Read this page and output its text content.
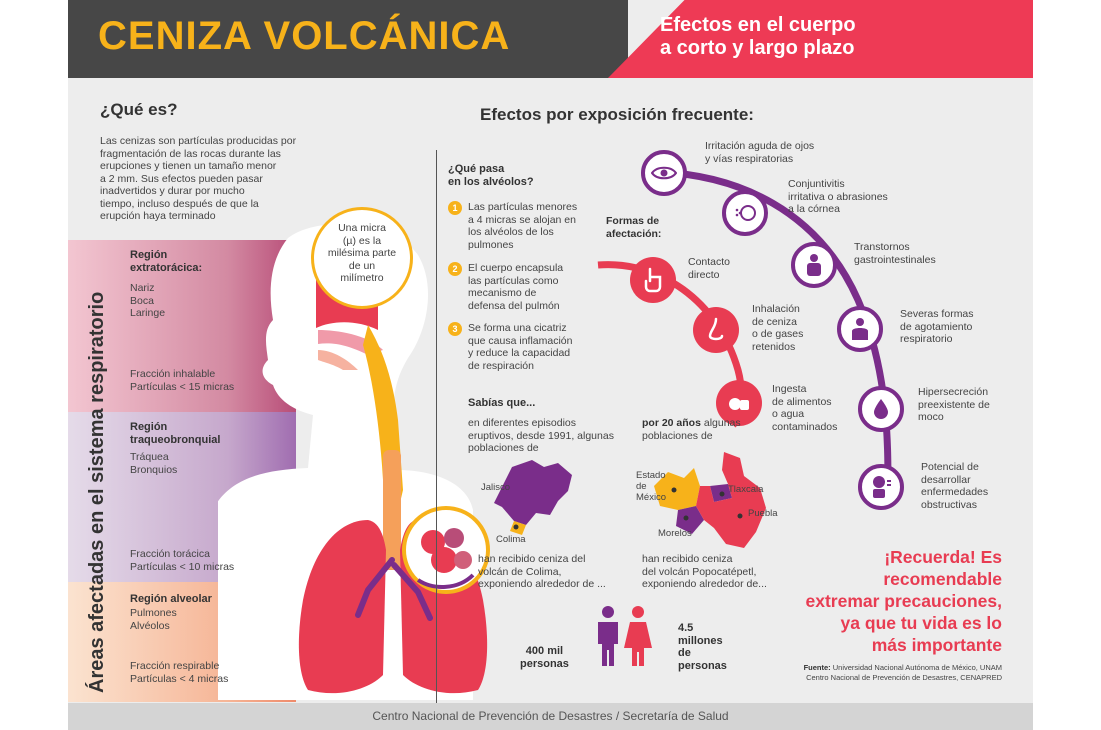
CENIZA VOLCÁNICA	Efectos en el cuerpo
a corto y largo plazo
¿Qué es?
Las cenizas son partículas producidas por
fragmentación de las rocas durante las
erupciones y tienen un tamaño menor
a 2 mm. Sus efectos pueden pasar
inadvertidos y durar por mucho
tiempo, incluso después de que la
erupción haya terminado
Región
extratorácica:
Nariz
Boca
Laringe
Fracción inhalable
Partículas < 15 micras
Región
traqueobronquial
Tráquea
Bronquios
Fracción torácica
Partículas < 10 micras
Región alveolar
Pulmones
Alvéolos
Fracción respirable
Partículas < 4 micras
Áreas afectadas en el sistema respiratorio
Una micra
(µ) es la
milésima parte
de un
milímetro
Efectos por exposición frecuente:
¿Qué pasa
en los alvéolos?
1	Las partículas menores
a 4 micras se alojan en
los alvéolos de los
pulmones
2	El cuerpo encapsula
las partículas como
mecanismo de
defensa del pulmón
3	Se forma una cicatriz
que causa inflamación
y reduce la capacidad
de respiración
Formas de
afectación:
Contacto
directo
Inhalación
de ceniza
o de gases
retenidos
Ingesta
de alimentos
o agua
contaminados
Irritación aguda de ojos
y vías respiratorias
Conjuntivitis
irritativa o abrasiones
a la córnea
Transtornos
gastrointestinales
Severas formas
de agotamiento
respiratorio
Hipersecreción
preexistente de
moco
Potencial de
desarrollar
enfermedades
obstructivas
Sabías que...
en diferentes episodios
eruptivos, desde 1991, algunas
poblaciones de
por 20 años algunas
poblaciones de
Jalisco
Colima
Estado
de
México
Tlaxcala
Puebla
Morelos
han recibido ceniza del
volcán de Colima,
exponiendo alrededor de ...
han recibido ceniza
del volcán Popocatépetl,
exponiendo alrededor de...
400 mil
personas
4.5
millones
de
personas
¡Recuerda! Es
recomendable
extremar precauciones,
ya que tu vida es lo
más importante
Fuente: Universidad Nacional Autónoma de México, UNAM
Centro Nacional de Prevención de Desastres, CENAPRED
Centro Nacional de Prevención de Desastres / Secretaría de Salud
